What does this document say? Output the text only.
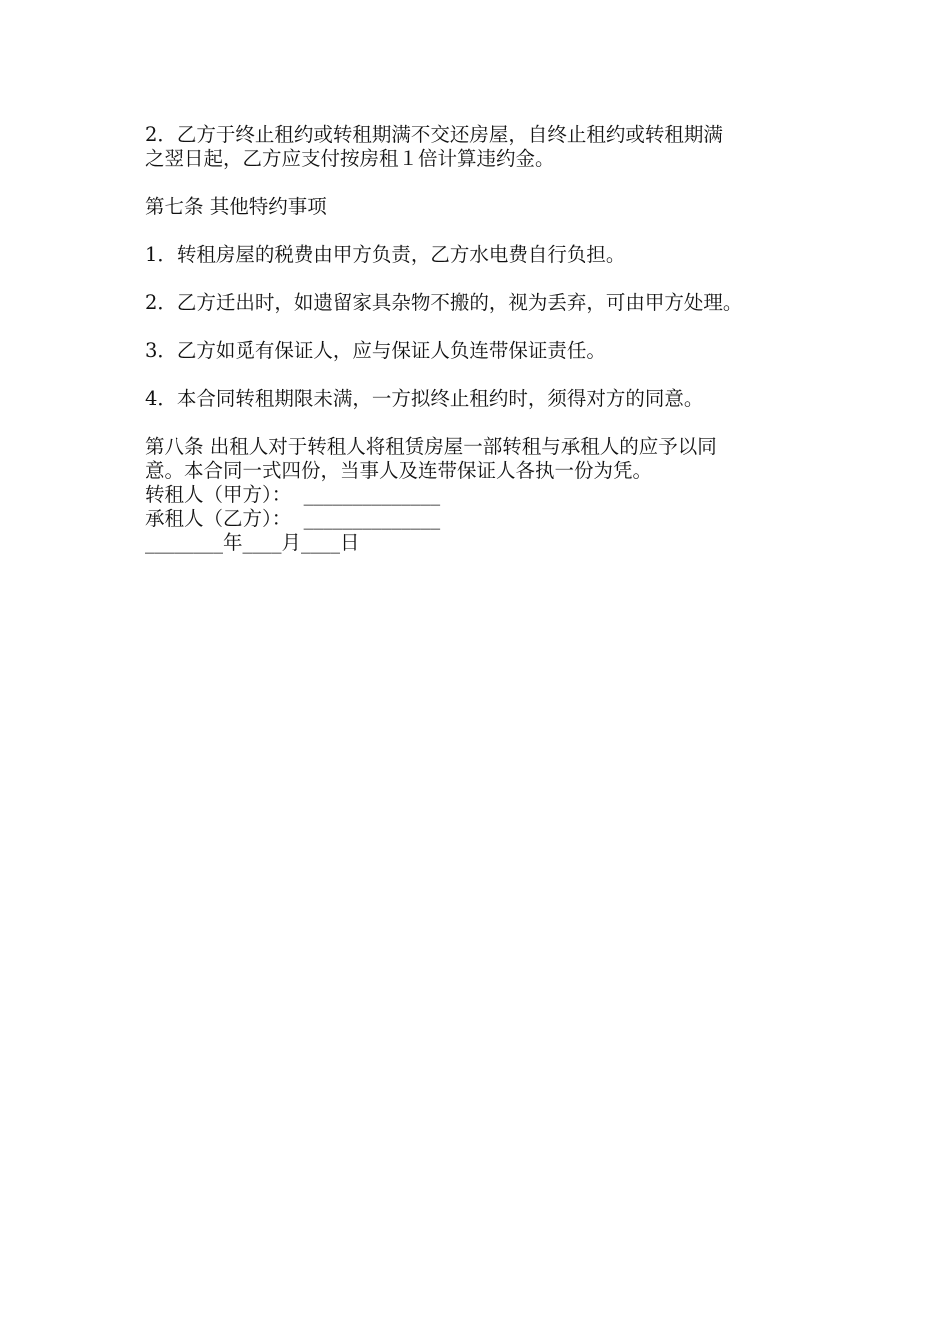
2．乙方于终止租约或转租期满不交还房屋，自终止租约或转租期满

之翌日起，乙方应支付按房租１倍计算违约金。

第七条 其他特约事项

1．转租房屋的税费由甲方负责，乙方水电费自行负担。

2．乙方迁出时，如遗留家具杂物不搬的，视为丢弃，可由甲方处理。

3．乙方如觅有保证人，应与保证人负连带保证责任。

4．本合同转租期限未满，一方拟终止租约时，须得对方的同意。

第八条 出租人对于转租人将租赁房屋一部转租与承租人的应予以同

意。本合同一式四份，当事人及连带保证人各执一份为凭。

转租人（甲方）：  ______________

承租人（乙方）：  ______________

________年____月____日
